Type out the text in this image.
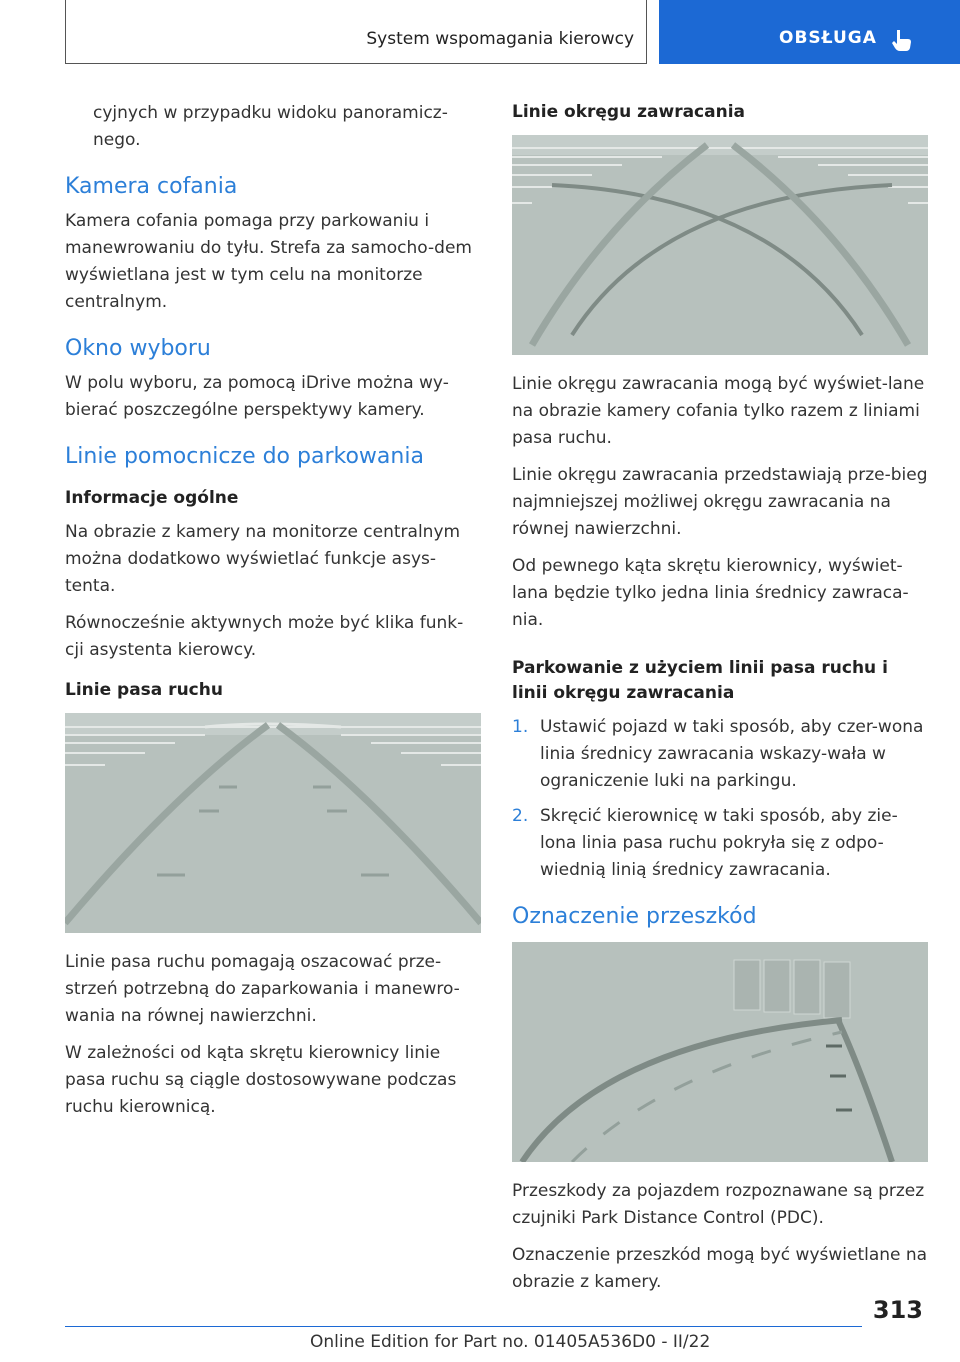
System wspomagania kierowcy	OBSŁUGA

cyjnych w przypadku widoku panoramicz-nego.

Kamera cofania

Kamera cofania pomaga przy parkowaniu i manewrowaniu do tyłu. Strefa za samocho-dem wyświetlana jest w tym celu na monitorze centralnym.

Okno wyboru

W polu wyboru, za pomocą iDrive można wy-bierać poszczególne perspektywy kamery.

Linie pomocnicze do parkowania
Informacje ogólne

Na obrazie z kamery na monitorze centralnym można dodatkowo wyświetlać funkcje asys-tenta.

Równocześnie aktywnych może być klika funk-cji asystenta kierowcy.

Linie pasa ruchu

Linie pasa ruchu pomagają oszacować prze-strzeń potrzebną do zaparkowania i manewro-wania na równej nawierzchni.

W zależności od kąta skrętu kierownicy linie pasa ruchu są ciągle dostosowywane podczas ruchu kierownicą.

Linie okręgu zawracania

Linie okręgu zawracania mogą być wyświet-lane na obrazie kamery cofania tylko razem z liniami pasa ruchu.

Linie okręgu zawracania przedstawiają prze-bieg najmniejszej możliwej okręgu zawracania na równej nawierzchni.

Od pewnego kąta skrętu kierownicy, wyświet-lana będzie tylko jedna linia średnicy zawraca-nia.

Parkowanie z użyciem linii pasa ruchu i linii okręgu zawracania
1. Ustawić pojazd w taki sposób, aby czer-wona linia średnicy zawracania wskazy-wała w ograniczenie luki na parkingu.
2. Skręcić kierownicę w taki sposób, aby zie-lona linia pasa ruchu pokryła się z odpo-wiednią linią średnicy zawracania.
Oznaczenie przeszkód

Przeszkody za pojazdem rozpoznawane są przez czujniki Park Distance Control (PDC).

Oznaczenie przeszkód mogą być wyświetlane na obrazie z kamery.

313
Online Edition for Part no. 01405A536D0 - II/22
